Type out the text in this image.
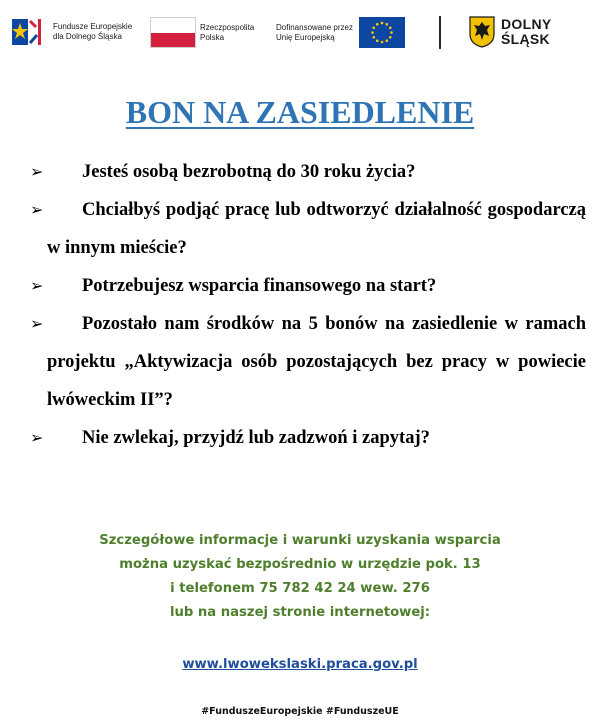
Fundusze Europejskie
dla Dolnego Śląska
Rzeczpospolita
Polska
Dofinansowane przez
Unię Europejską
DOLNY
ŚLĄSK
BON NA ZASIEDLENIE
➢	Jesteś osobą bezrobotną do 30 roku życia?
➢	Chciałbyś podjąć pracę lub odtworzyć działalność gospodarczą w innym mieście?
➢	Potrzebujesz wsparcia finansowego na start?
➢	Pozostało nam środków na 5 bonów na zasiedlenie w ramach projektu „Aktywizacja osób pozostających bez pracy w powiecie lwóweckim II”?
➢	Nie zwlekaj, przyjdź lub zadzwoń i zapytaj?
Szczegółowe informacje i warunki uzyskania wsparcia
można uzyskać bezpośrednio w urzędzie pok. 13
i telefonem 75 782 42 24 wew. 276
lub na naszej stronie internetowej:
www.lwowekslaski.praca.gov.pl
#FunduszeEuropejskie #FunduszeUE
